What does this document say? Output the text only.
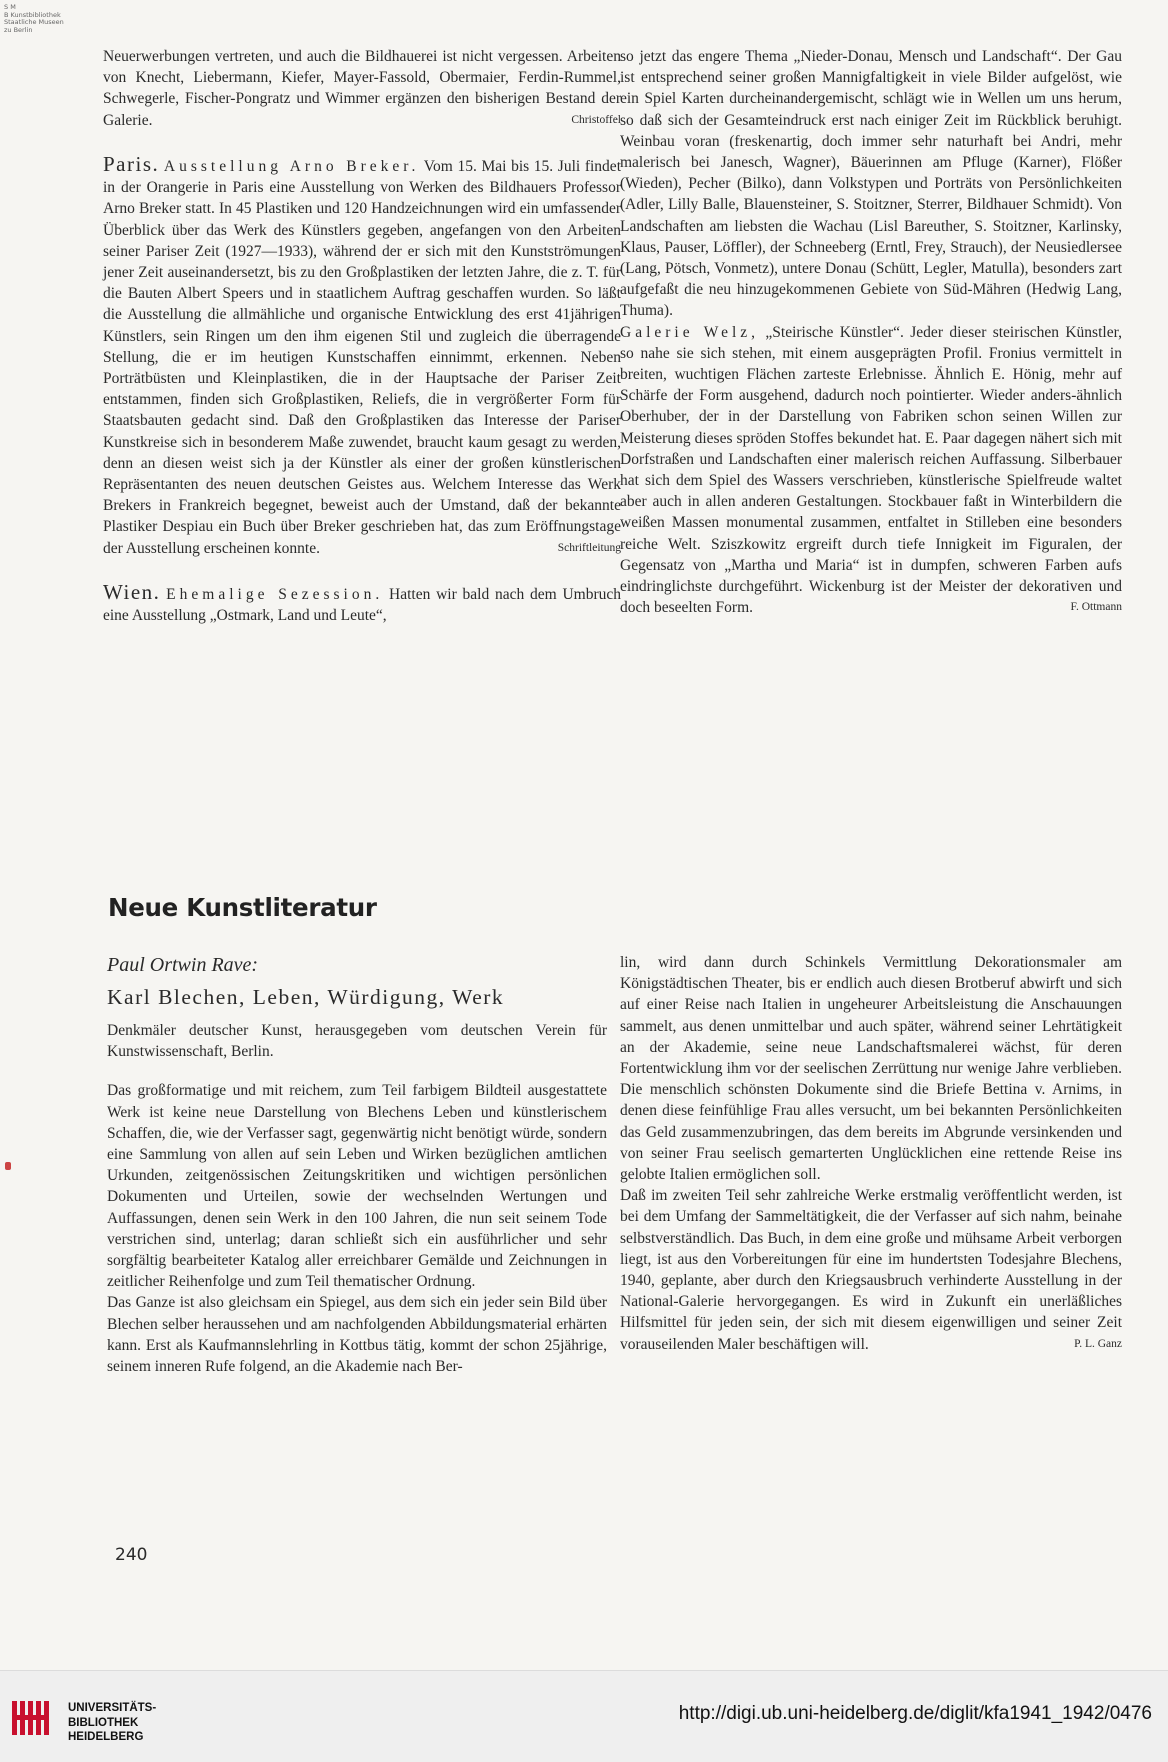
S M
B Kunstbibliothek
Staatliche Museen
zu Berlin

Neuerwerbungen vertreten, und auch die Bildhauerei ist nicht vergessen. Arbeiten von Knecht, Liebermann, Kiefer, Mayer-Fassold, Obermaier, Ferdin-Rummel, Schwegerle, Fischer-Pongratz und Wimmer ergänzen den bisherigen Bestand der Galerie.	Christoffel

Paris. Ausstellung Arno Breker. Vom 15. Mai bis 15. Juli findet in der Orangerie in Paris eine Ausstellung von Werken des Bildhauers Professor Arno Breker statt. In 45 Plastiken und 120 Handzeichnungen wird ein umfassender Überblick über das Werk des Künstlers gegeben, angefangen von den Arbeiten seiner Pariser Zeit (1927—1933), während der er sich mit den Kunstströmungen jener Zeit auseinandersetzt, bis zu den Großplastiken der letzten Jahre, die z. T. für die Bauten Albert Speers und in staatlichem Auftrag geschaffen wurden. So läßt die Ausstellung die allmähliche und organische Entwicklung des erst 41jährigen Künstlers, sein Ringen um den ihm eigenen Stil und zugleich die überragende Stellung, die er im heutigen Kunstschaffen einnimmt, erkennen. Neben Porträtbüsten und Kleinplastiken, die in der Hauptsache der Pariser Zeit entstammen, finden sich Großplastiken, Reliefs, die in vergrößerter Form für Staatsbauten gedacht sind. Daß den Großplastiken das Interesse der Pariser Kunstkreise sich in besonderem Maße zuwendet, braucht kaum gesagt zu werden, denn an diesen weist sich ja der Künstler als einer der großen künstlerischen Repräsentanten des neuen deutschen Geistes aus. Welchem Interesse das Werk Brekers in Frankreich begegnet, beweist auch der Umstand, daß der bekannte Plastiker Despiau ein Buch über Breker geschrieben hat, das zum Eröffnungstage der Ausstellung erscheinen konnte.	Schriftleitung

Wien. Ehemalige Sezession. Hatten wir bald nach dem Umbruch eine Ausstellung „Ostmark, Land und Leute“,

so jetzt das engere Thema „Nieder-Donau, Mensch und Landschaft“. Der Gau ist entsprechend seiner großen Mannigfaltigkeit in viele Bilder aufgelöst, wie ein Spiel Karten durcheinandergemischt, schlägt wie in Wellen um uns herum, so daß sich der Gesamteindruck erst nach einiger Zeit im Rückblick beruhigt. Weinbau voran (freskenartig, doch immer sehr naturhaft bei Andri, mehr malerisch bei Janesch, Wagner), Bäuerinnen am Pfluge (Karner), Flößer (Wieden), Pecher (Bilko), dann Volkstypen und Porträts von Persönlichkeiten (Adler, Lilly Balle, Blauensteiner, S. Stoitzner, Sterrer, Bildhauer Schmidt). Von Landschaften am liebsten die Wachau (Lisl Bareuther, S. Stoitzner, Karlinsky, Klaus, Pauser, Löffler), der Schneeberg (Erntl, Frey, Strauch), der Neusiedlersee (Lang, Pötsch, Vonmetz), untere Donau (Schütt, Legler, Matulla), besonders zart aufgefaßt die neu hinzugekommenen Gebiete von Süd-Mähren (Hedwig Lang, Thuma).

Galerie Welz, „Steirische Künstler“. Jeder dieser steirischen Künstler, so nahe sie sich stehen, mit einem ausgeprägten Profil. Fronius vermittelt in breiten, wuchtigen Flächen zarteste Erlebnisse. Ähnlich E. Hönig, mehr auf Schärfe der Form ausgehend, dadurch noch pointierter. Wieder anders-ähnlich Oberhuber, der in der Darstellung von Fabriken schon seinen Willen zur Meisterung dieses spröden Stoffes bekundet hat. E. Paar dagegen nähert sich mit Dorfstraßen und Landschaften einer malerisch reichen Auffassung. Silberbauer hat sich dem Spiel des Wassers verschrieben, künstlerische Spielfreude waltet aber auch in allen anderen Gestaltungen. Stockbauer faßt in Winterbildern die weißen Massen monumental zusammen, entfaltet in Stilleben eine besonders reiche Welt. Sziszkowitz ergreift durch tiefe Innigkeit im Figuralen, der Gegensatz von „Martha und Maria“ ist in dumpfen, schweren Farben aufs eindringlichste durchgeführt. Wickenburg ist der Meister der dekorativen und doch beseelten Form.	F. Ottmann

Neue Kunstliteratur

Paul Ortwin Rave:

Karl Blechen, Leben, Würdigung, Werk

Denkmäler deutscher Kunst, herausgegeben vom deutschen Verein für Kunstwissenschaft, Berlin.

Das großformatige und mit reichem, zum Teil farbigem Bildteil ausgestattete Werk ist keine neue Darstellung von Blechens Leben und künstlerischem Schaffen, die, wie der Verfasser sagt, gegenwärtig nicht benötigt würde, sondern eine Sammlung von allen auf sein Leben und Wirken bezüglichen amtlichen Urkunden, zeitgenössischen Zeitungskritiken und wichtigen persönlichen Dokumenten und Urteilen, sowie der wechselnden Wertungen und Auffassungen, denen sein Werk in den 100 Jahren, die nun seit seinem Tode verstrichen sind, unterlag; daran schließt sich ein ausführlicher und sehr sorgfältig bearbeiteter Katalog aller erreichbarer Gemälde und Zeichnungen in zeitlicher Reihenfolge und zum Teil thematischer Ordnung.

Das Ganze ist also gleichsam ein Spiegel, aus dem sich ein jeder sein Bild über Blechen selber heraussehen und am nachfolgenden Abbildungsmaterial erhärten kann. Erst als Kaufmannslehrling in Kottbus tätig, kommt der schon 25jährige, seinem inneren Rufe folgend, an die Akademie nach Ber-

lin, wird dann durch Schinkels Vermittlung Dekorationsmaler am Königstädtischen Theater, bis er endlich auch diesen Brotberuf abwirft und sich auf einer Reise nach Italien in ungeheurer Arbeitsleistung die Anschauungen sammelt, aus denen unmittelbar und auch später, während seiner Lehrtätigkeit an der Akademie, seine neue Landschaftsmalerei wächst, für deren Fortentwicklung ihm vor der seelischen Zerrüttung nur wenige Jahre verblieben. Die menschlich schönsten Dokumente sind die Briefe Bettina v. Arnims, in denen diese feinfühlige Frau alles versucht, um bei bekannten Persönlichkeiten das Geld zusammenzubringen, das dem bereits im Abgrunde versinkenden und von seiner Frau seelisch gemarterten Unglücklichen eine rettende Reise ins gelobte Italien ermöglichen soll.

Daß im zweiten Teil sehr zahlreiche Werke erstmalig veröffentlicht werden, ist bei dem Umfang der Sammeltätigkeit, die der Verfasser auf sich nahm, beinahe selbstverständlich. Das Buch, in dem eine große und mühsame Arbeit verborgen liegt, ist aus den Vorbereitungen für eine im hundertsten Todesjahre Blechens, 1940, geplante, aber durch den Kriegsausbruch verhinderte Ausstellung in der National-Galerie hervorgegangen. Es wird in Zukunft ein unerläßliches Hilfsmittel für jeden sein, der sich mit diesem eigenwilligen und seiner Zeit vorauseilenden Maler beschäftigen will.	P. L. Ganz

240
UNIVERSITÄTS-
BIBLIOTHEK
HEIDELBERG
http://digi.ub.uni-heidelberg.de/diglit/kfa1941_1942/0476
